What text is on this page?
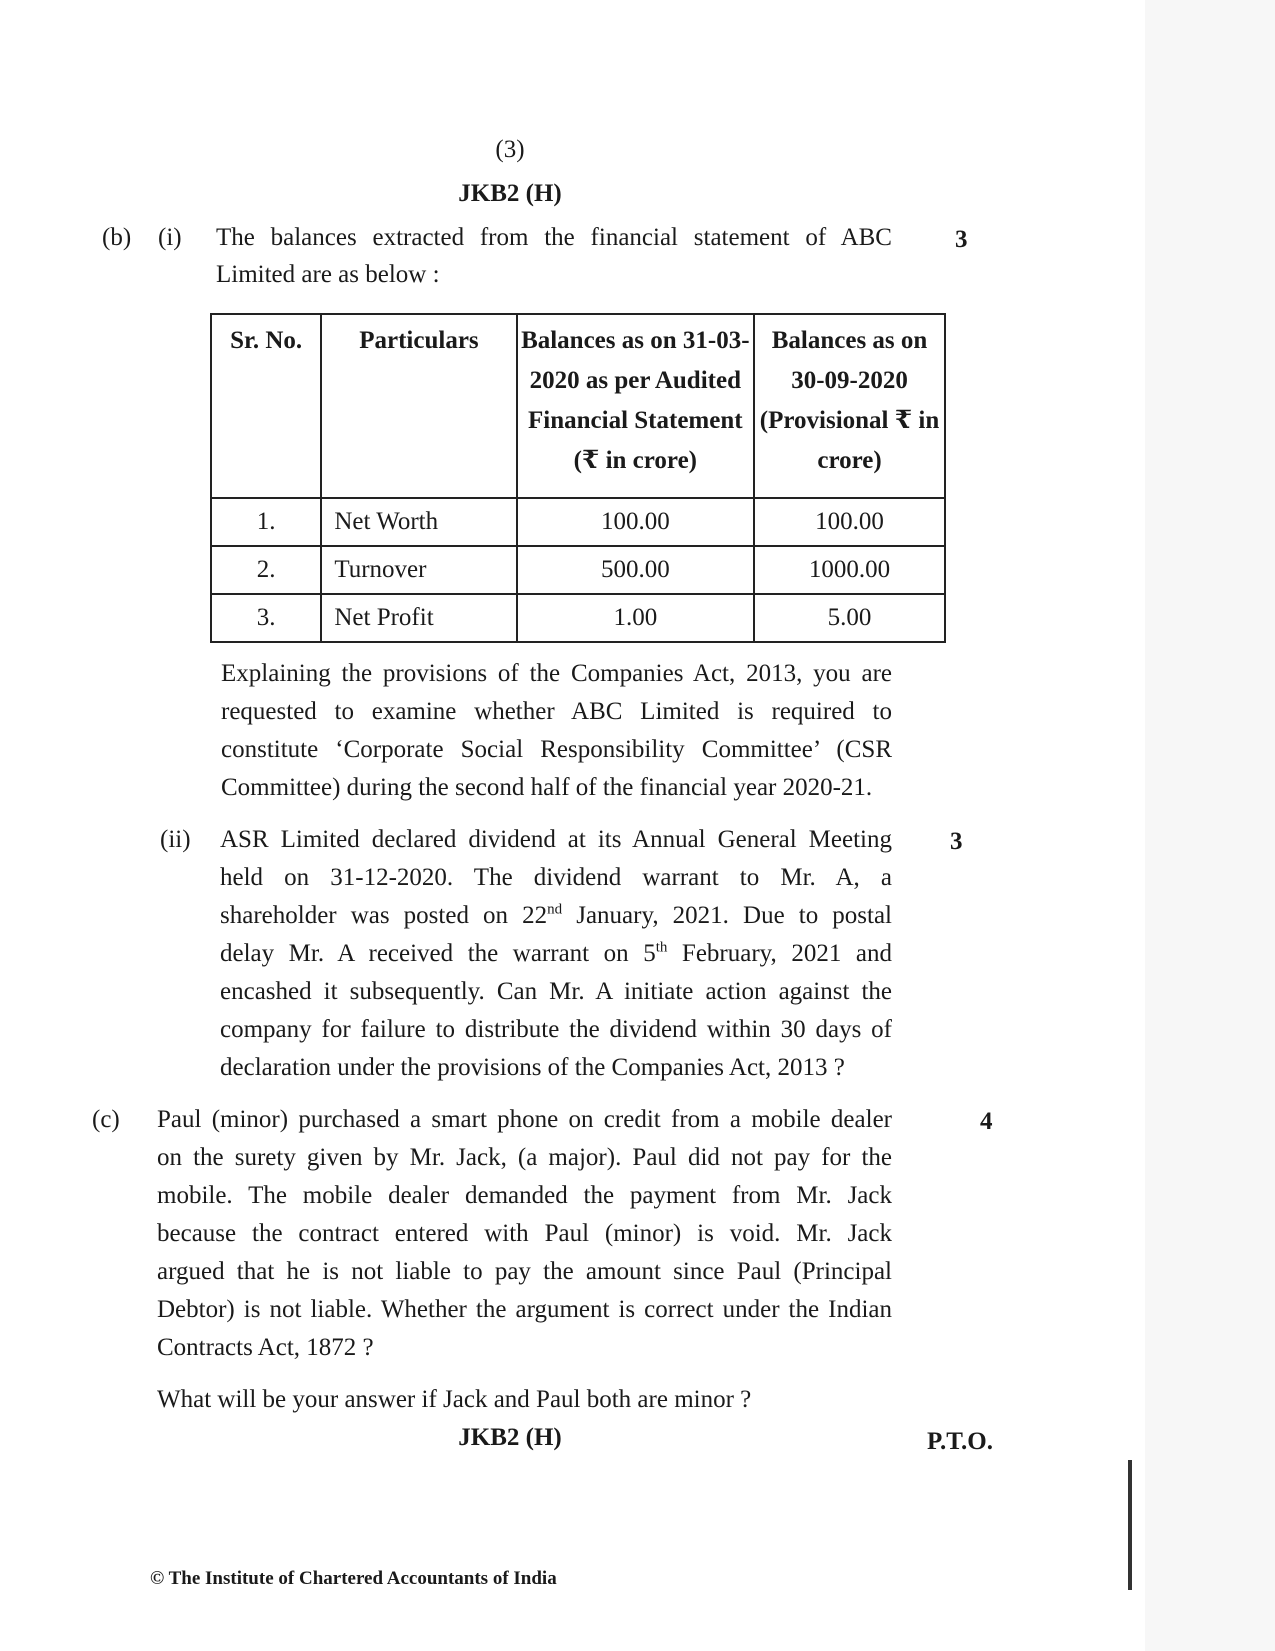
(3)
JKB2 (H)
(b) (i) The balances extracted from the financial statement of ABC
Limited are as below :
3
Sr. No.	Particulars	Balances as on 31-03-2020 as per Audited Financial Statement (₹ in crore)	Balances as on 30-09-2020 (Provisional ₹ in crore)
1.	Net Worth	100.00	100.00
2.	Turnover	500.00	1000.00
3.	Net Profit	1.00	5.00
Explaining the provisions of the Companies Act, 2013, you are
requested to examine whether ABC Limited is required to
constitute ‘Corporate Social Responsibility Committee’ (CSR
Committee) during the second half of the financial year 2020-21.
(ii)	3
ASR Limited declared dividend at its Annual General Meeting
held on 31-12-2020. The dividend warrant to Mr. A, a
shareholder was posted on 22nd January, 2021. Due to postal
delay Mr. A received the warrant on 5th February, 2021 and
encashed it subsequently. Can Mr. A initiate action against the
company for failure to distribute the dividend within 30 days of
declaration under the provisions of the Companies Act, 2013 ?
(c)	4
Paul (minor) purchased a smart phone on credit from a mobile dealer
on the surety given by Mr. Jack, (a major). Paul did not pay for the
mobile. The mobile dealer demanded the payment from Mr. Jack
because the contract entered with Paul (minor) is void. Mr. Jack
argued that he is not liable to pay the amount since Paul (Principal
Debtor) is not liable. Whether the argument is correct under the Indian
Contracts Act, 1872 ?
What will be your answer if Jack and Paul both are minor ?
JKB2 (H)	P.T.O.
© The Institute of Chartered Accountants of India
